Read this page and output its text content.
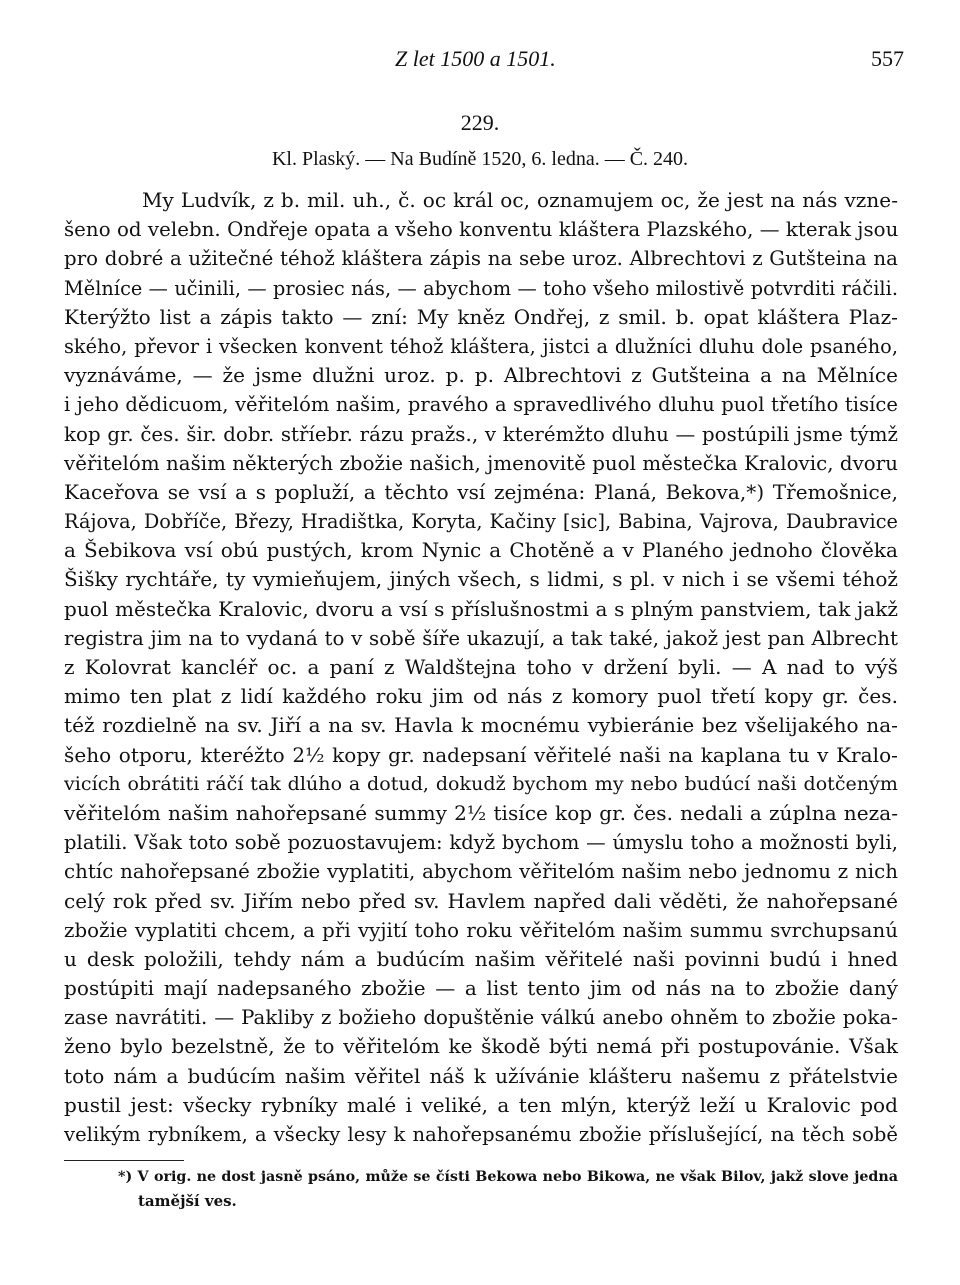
Z let 1500 a 1501.	557
229.
Kl. Plaský. — Na Budíně 1520, 6. ledna. — Č. 240.
My Ludvík, z b. mil. uh., č. oc král oc, oznamujem oc, že jest na nás vzne-
šeno od velebn. Ondřeje opata a všeho konventu kláštera Plazského, — kterak jsou
pro dobré a užitečné téhož kláštera zápis na sebe uroz. Albrechtovi z Gutšteina na
Mělníce — učinili, — prosiec nás, — abychom — toho všeho milostivě potvrditi ráčili.
Kterýžto list a zápis takto — zní: My kněz Ondřej, z smil. b. opat kláštera Plaz-
ského, převor i všecken konvent téhož kláštera, jistci a dlužníci dluhu dole psaného,
vyznáváme, — že jsme dlužni uroz. p. p. Albrechtovi z Gutšteina a na Mělníce
i jeho dědicuom, věřitelóm našim, pravého a spravedlivého dluhu puol třetího tisíce
kop gr. čes. šir. dobr. stříebr. rázu pražs., v kterémžto dluhu — postúpili jsme týmž
věřitelóm našim některých zbožie našich, jmenovitě puol městečka Kralovic, dvoru
Kaceřova se vsí a s popluží, a těchto vsí zejména: Planá, Bekova,*) Třemošnice,
Rájova, Dobříče, Březy, Hradištka, Koryta, Kačiny [sic], Babina, Vajrova, Daubravice
a Šebikova vsí obú pustých, krom Nynic a Chotěně a v Planého jednoho člověka
Šišky rychtáře, ty vymieňujem, jiných všech, s lidmi, s pl. v nich i se všemi téhož
puol městečka Kralovic, dvoru a vsí s příslušnostmi a s plným panstviem, tak jakž
registra jim na to vydaná to v sobě šíře ukazují, a tak také, jakož jest pan Albrecht
z Kolovrat kancléř oc. a paní z Waldštejna toho v držení byli. — A nad to výš
mimo ten plat z lidí každého roku jim od nás z komory puol třetí kopy gr. čes.
též rozdielně na sv. Jiří a na sv. Havla k mocnému vybieránie bez všelijakého na-
šeho otporu, kteréžto 2½ kopy gr. nadepsaní věřitelé naši na kaplana tu v Kralo-
vicích obrátiti ráčí tak dlúho a dotud, dokudž bychom my nebo budúcí naši dotčeným
věřitelóm našim nahořepsané summy 2½ tisíce kop gr. čes. nedali a zúplna neza-
platili. Však toto sobě pozuostavujem: když bychom — úmyslu toho a možnosti byli,
chtíc nahořepsané zbožie vyplatiti, abychom věřitelóm našim nebo jednomu z nich
celý rok před sv. Jiřím nebo před sv. Havlem napřed dali věděti, že nahořepsané
zbožie vyplatiti chcem, a při vyjití toho roku věřitelóm našim summu svrchupsanú
u desk položili, tehdy nám a budúcím našim věřitelé naši povinni budú i hned
postúpiti mají nadepsaného zbožie — a list tento jim od nás na to zbožie daný
zase navrátiti. — Pakliby z božieho dopuštěnie válkú anebo ohněm to zbožie poka-
ženo bylo bezelstně, že to věřitelóm ke škodě býti nemá při postupovánie. Však
toto nám a budúcím našim věřitel náš k užívánie klášteru našemu z přátelstvie
pustil jest: všecky rybníky malé i veliké, a ten mlýn, kterýž leží u Kralovic pod
velikým rybníkem, a všecky lesy k nahořepsanému zbožie příslušející, na těch sobě
*) V orig. ne dost jasně psáno, může se čísti Bekowa nebo Bikowa, ne však Bilov, jakž slove jedna
tamější ves.
